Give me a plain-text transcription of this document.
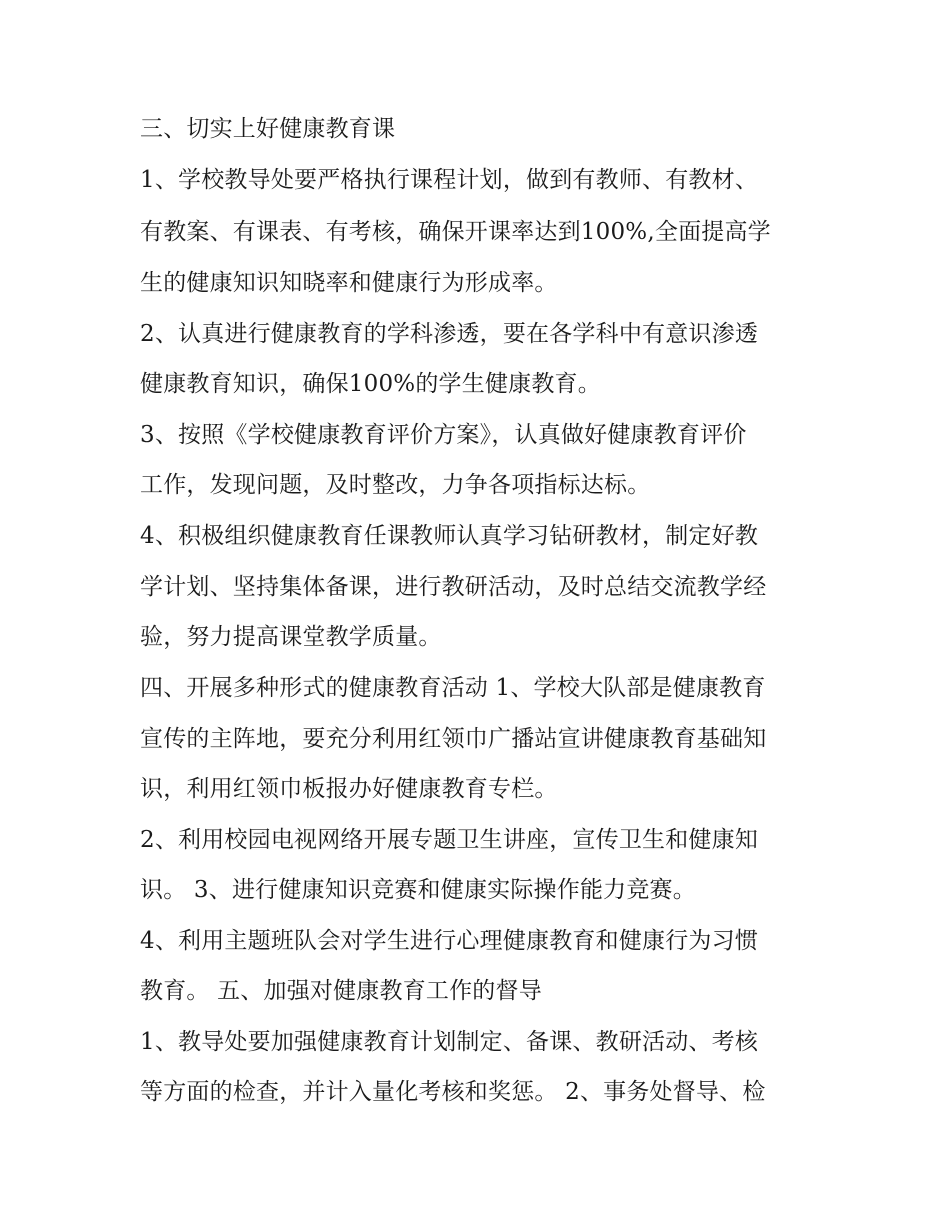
三、切实上好健康教育课
1、学校教导处要严格执行课程计划，做到有教师、有教材、
有教案、有课表、有考核，确保开课率达到100%,全面提高学
生的健康知识知晓率和健康行为形成率。
2、认真进行健康教育的学科渗透，要在各学科中有意识渗透
健康教育知识，确保100%的学生健康教育。
3、按照《学校健康教育评价方案》，认真做好健康教育评价
工作，发现问题，及时整改，力争各项指标达标。
4、积极组织健康教育任课教师认真学习钻研教材，制定好教
学计划、坚持集体备课，进行教研活动，及时总结交流教学经
验，努力提高课堂教学质量。
四、开展多种形式的健康教育活动 1、学校大队部是健康教育
宣传的主阵地，要充分利用红领巾广播站宣讲健康教育基础知
识，利用红领巾板报办好健康教育专栏。
2、利用校园电视网络开展专题卫生讲座，宣传卫生和健康知
识。 3、进行健康知识竞赛和健康实际操作能力竞赛。
4、利用主题班队会对学生进行心理健康教育和健康行为习惯
教育。 五、加强对健康教育工作的督导
1、教导处要加强健康教育计划制定、备课、教研活动、考核
等方面的检查，并计入量化考核和奖惩。 2、事务处督导、检
